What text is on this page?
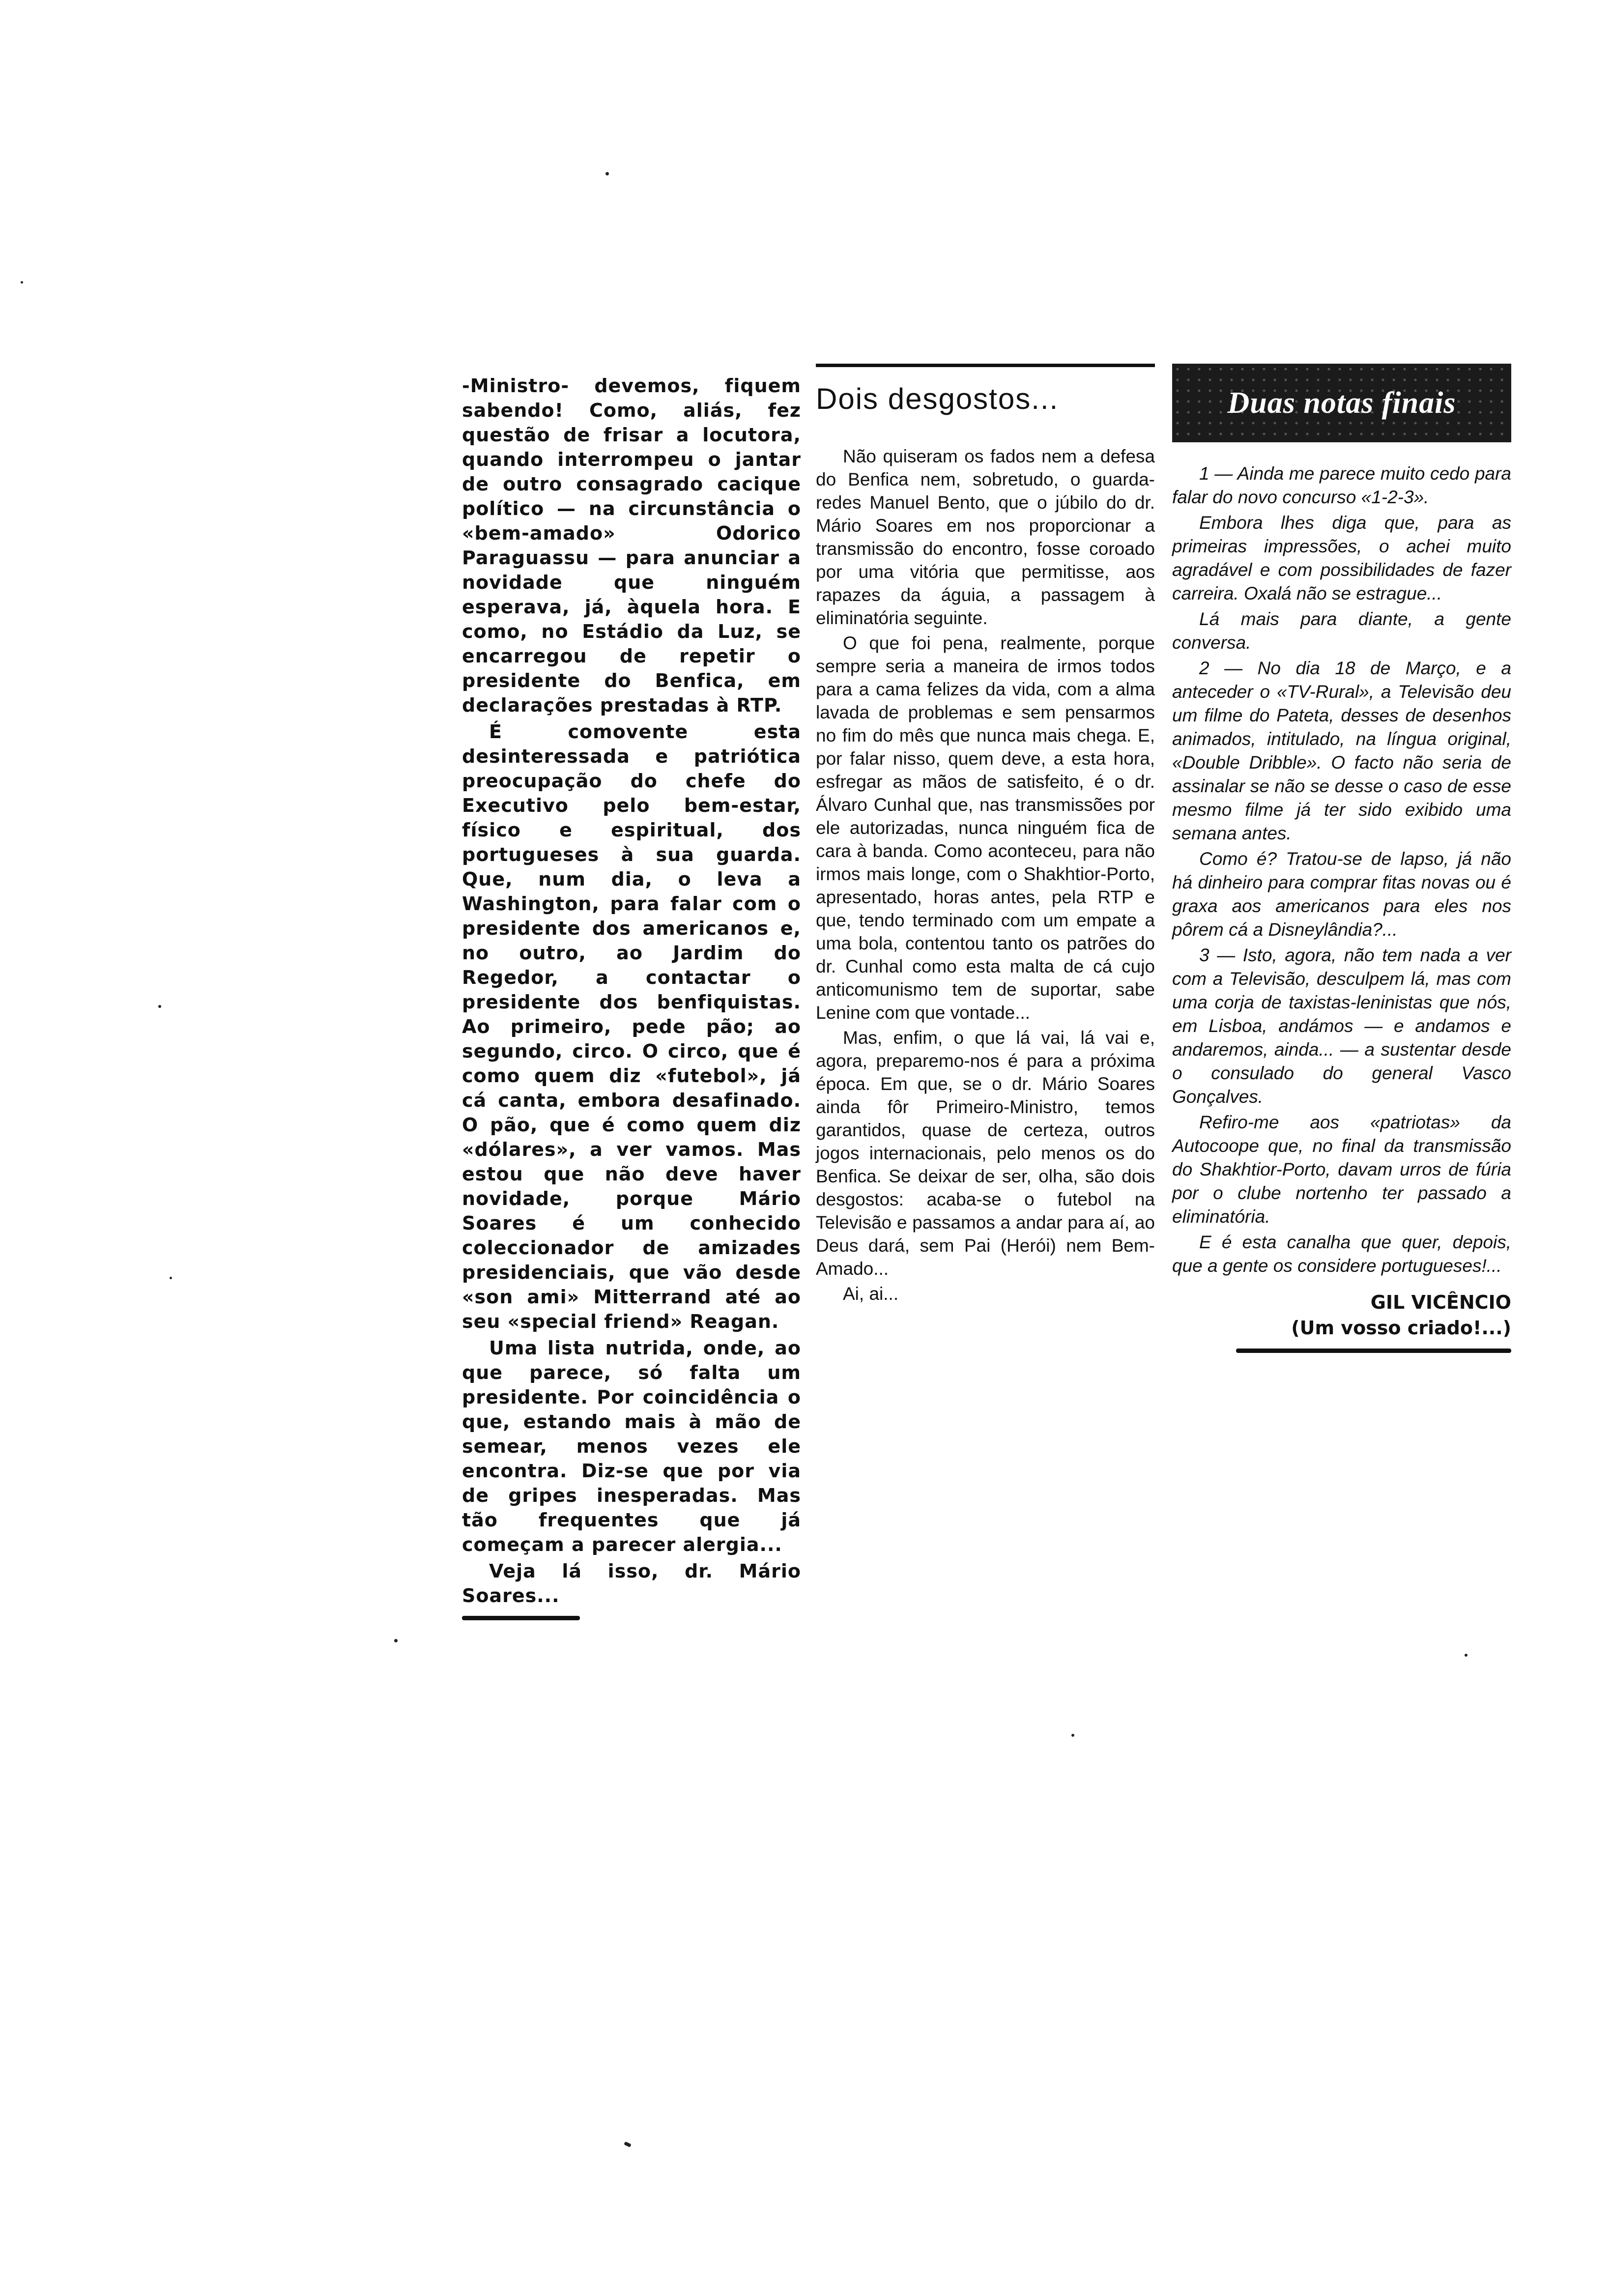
-Ministro- devemos, fiquem sabendo! Como, aliás, fez questão de frisar a locutora, quando interrompeu o jantar de outro consagrado cacique político — na circunstância o «bem-amado» Odorico Paraguassu — para anunciar a novidade que ninguém esperava, já, àquela hora. E como, no Estádio da Luz, se encarregou de repetir o presidente do Benfica, em declarações prestadas à RTP.

É comovente esta desinteressada e patriótica preocupação do chefe do Executivo pelo bem-estar, físico e espiritual, dos portugueses à sua guarda. Que, num dia, o leva a Washington, para falar com o presidente dos americanos e, no outro, ao Jardim do Regedor, a contactar o presidente dos benfiquistas. Ao primeiro, pede pão; ao segundo, circo. O circo, que é como quem diz «futebol», já cá canta, embora desafinado. O pão, que é como quem diz «dólares», a ver vamos. Mas estou que não deve haver novidade, porque Mário Soares é um conhecido coleccionador de amizades presidenciais, que vão desde «son ami» Mitterrand até ao seu «special friend» Reagan.

Uma lista nutrida, onde, ao que parece, só falta um presidente. Por coincidência o que, estando mais à mão de semear, menos vezes ele encontra. Diz-se que por via de gripes inesperadas. Mas tão frequentes que já começam a parecer alergia...

Veja lá isso, dr. Mário Soares...

Dois desgostos...

Não quiseram os fados nem a defesa do Benfica nem, sobretudo, o guarda-redes Manuel Bento, que o júbilo do dr. Mário Soares em nos proporcionar a transmissão do encontro, fosse coroado por uma vitória que permitisse, aos rapazes da águia, a passagem à eliminatória seguinte.

O que foi pena, realmente, porque sempre seria a maneira de irmos todos para a cama felizes da vida, com a alma lavada de problemas e sem pensarmos no fim do mês que nunca mais chega. E, por falar nisso, quem deve, a esta hora, esfregar as mãos de satisfeito, é o dr. Álvaro Cunhal que, nas transmissões por ele autorizadas, nunca ninguém fica de cara à banda. Como aconteceu, para não irmos mais longe, com o Shakhtior-Porto, apresentado, horas antes, pela RTP e que, tendo terminado com um empate a uma bola, contentou tanto os patrões do dr. Cunhal como esta malta de cá cujo anticomunismo tem de suportar, sabe Lenine com que vontade...

Mas, enfim, o que lá vai, lá vai e, agora, preparemo-nos é para a próxima época. Em que, se o dr. Mário Soares ainda fôr Primeiro-Ministro, temos garantidos, quase de certeza, outros jogos internacionais, pelo menos os do Benfica. Se deixar de ser, olha, são dois desgostos: acaba-se o futebol na Televisão e passamos a andar para aí, ao Deus dará, sem Pai (Herói) nem Bem-Amado...

Ai, ai...

Duas notas finais

1 — Ainda me parece muito cedo para falar do novo concurso «1-2-3».

Embora lhes diga que, para as primeiras impressões, o achei muito agradável e com possibilidades de fazer carreira. Oxalá não se estrague...

Lá mais para diante, a gente conversa.

2 — No dia 18 de Março, e a anteceder o «TV-Rural», a Televisão deu um filme do Pateta, desses de desenhos animados, intitulado, na língua original, «Double Dribble». O facto não seria de assinalar se não se desse o caso de esse mesmo filme já ter sido exibido uma semana antes.

Como é? Tratou-se de lapso, já não há dinheiro para comprar fitas novas ou é graxa aos americanos para eles nos pôrem cá a Disneylândia?...

3 — Isto, agora, não tem nada a ver com a Televisão, desculpem lá, mas com uma corja de taxistas-leninistas que nós, em Lisboa, andámos — e andamos e andaremos, ainda... — a sustentar desde o consulado do general Vasco Gonçalves.

Refiro-me aos «patriotas» da Autocoope que, no final da transmissão do Shakhtior-Porto, davam urros de fúria por o clube nortenho ter passado a eliminatória.

E é esta canalha que quer, depois, que a gente os considere portugueses!...

GIL VICÊNCIO
(Um vosso criado!...)
